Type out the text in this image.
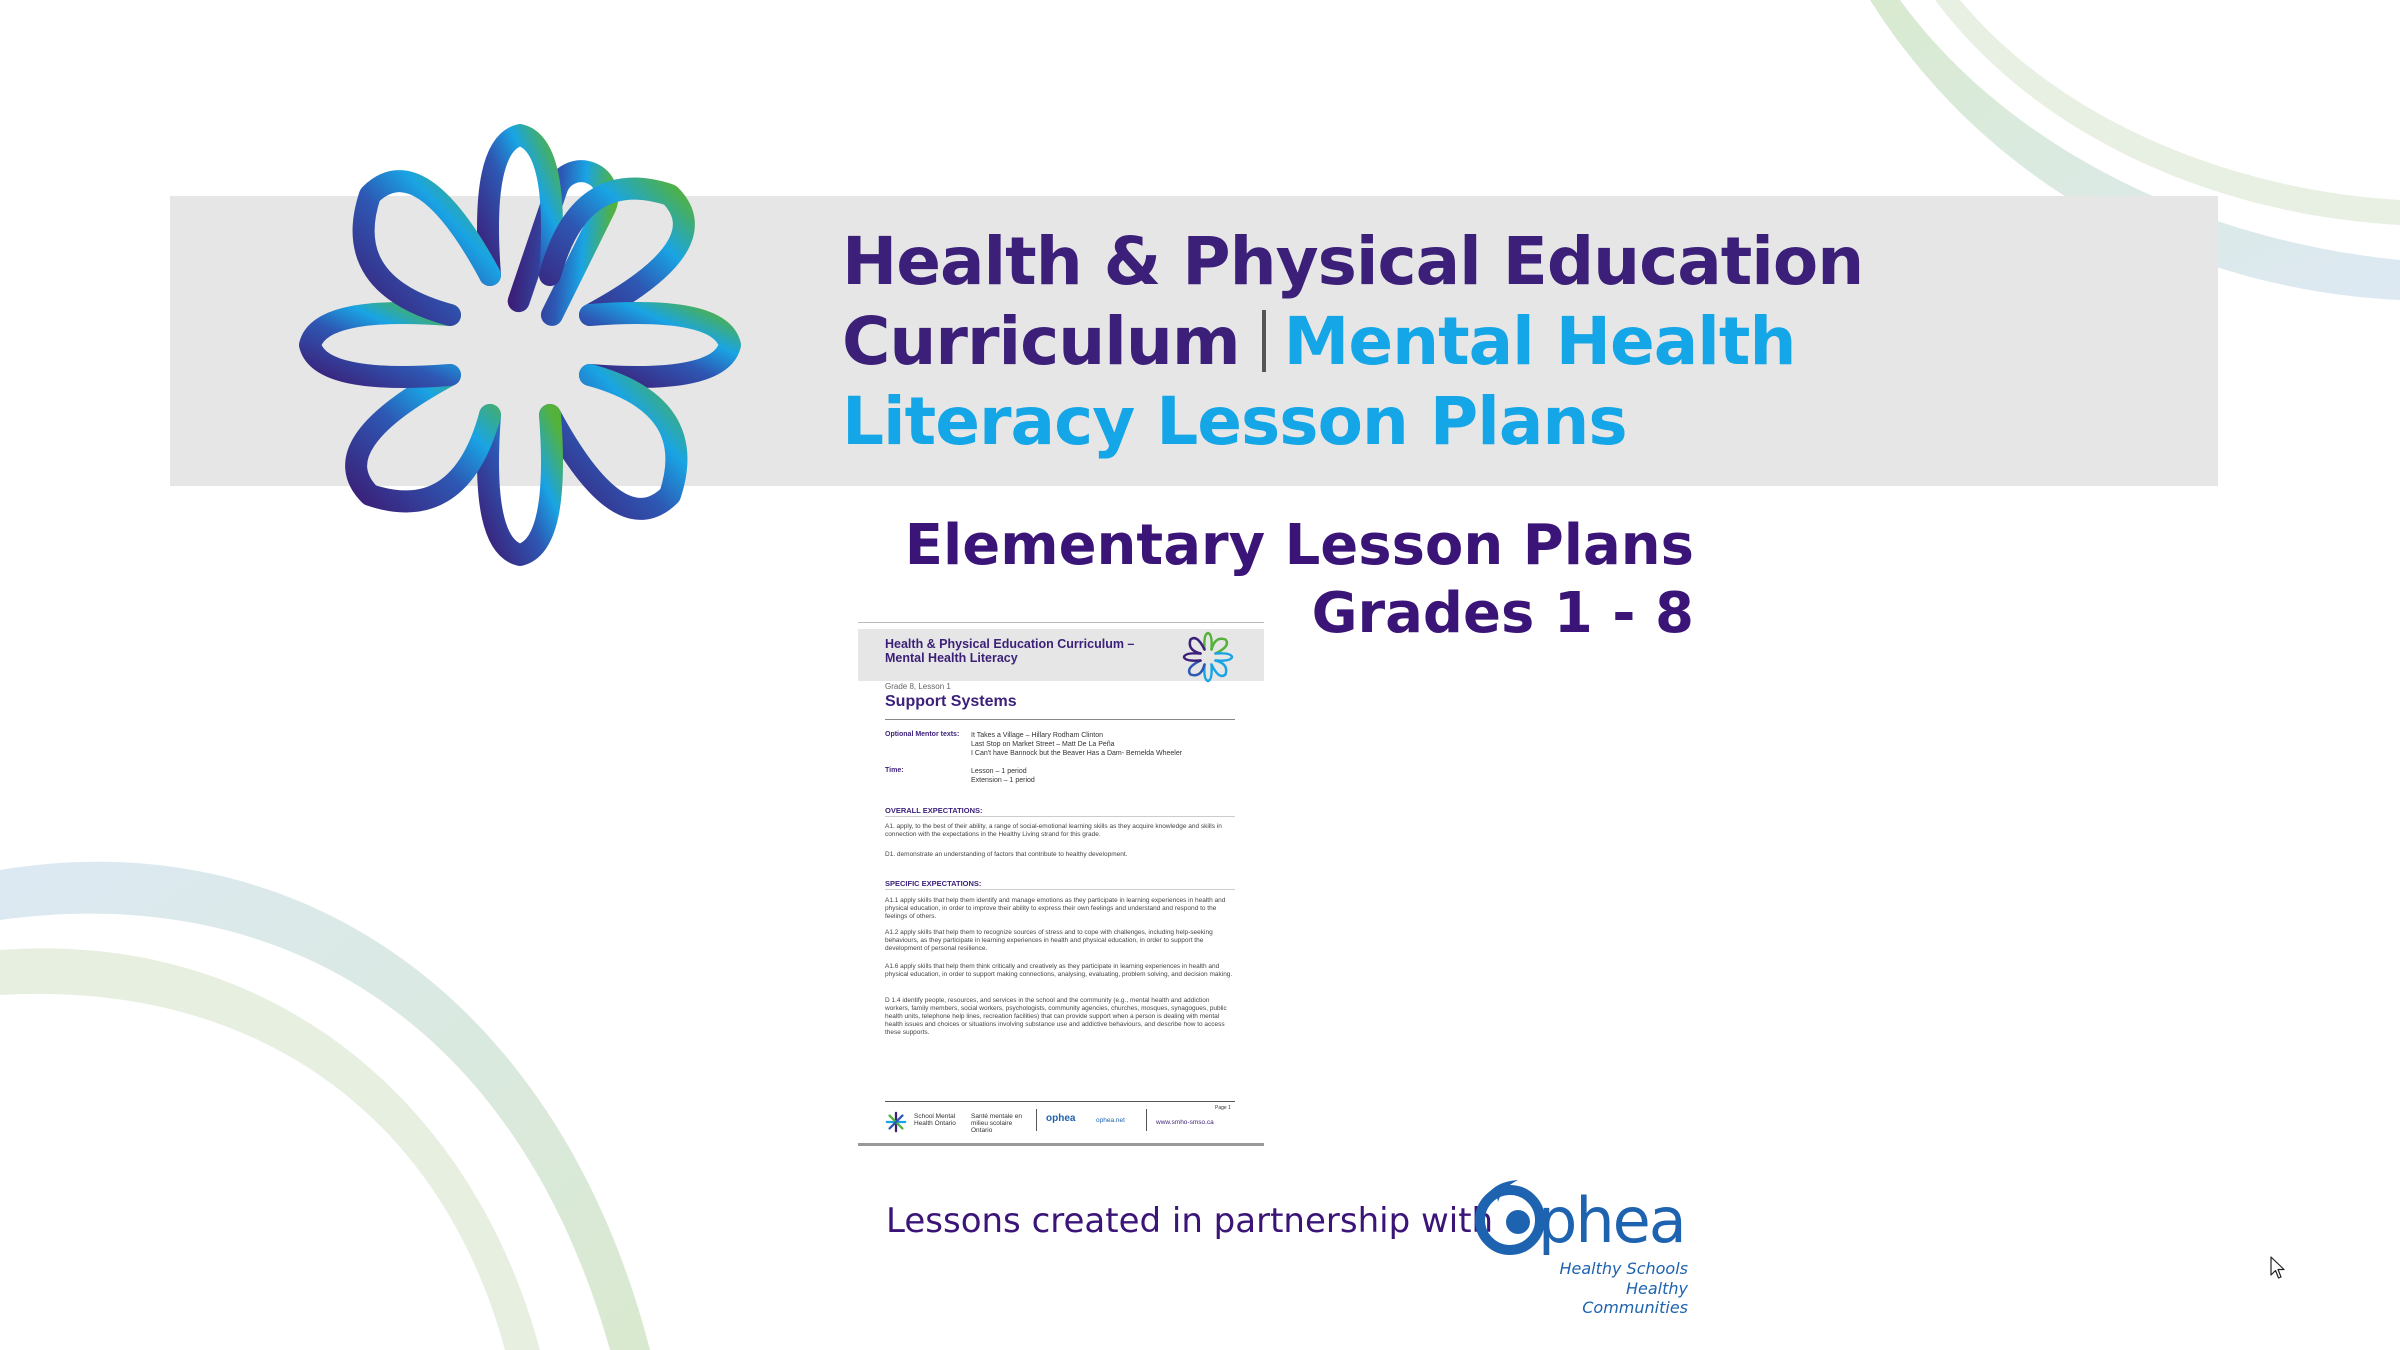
Health & Physical Education
Curriculum Mental Health
Literacy Lesson Plans
Elementary Lesson Plans
Grades 1 - 8
Health & Physical Education Curriculum –
Mental Health Literacy
Grade 8, Lesson 1
Support Systems
Optional Mentor texts: It Takes a Village – Hillary Rodham Clinton
Last Stop on Market Street – Matt De La Peña
I Can't have Bannock but the Beaver Has a Dam- Bernelda Wheeler
Time:	Lesson – 1 period
Extension – 1 period
OVERALL EXPECTATIONS:
A1. apply, to the best of their ability, a range of social-emotional learning skills as they acquire knowledge and skills in connection with the expectations in the Healthy Living strand for this grade.
D1. demonstrate an understanding of factors that contribute to healthy development.
SPECIFIC EXPECTATIONS:
A1.1 apply skills that help them identify and manage emotions as they participate in learning experiences in health and physical education, in order to improve their ability to express their own feelings and understand and respond to the feelings of others.
A1.2 apply skills that help them to recognize sources of stress and to cope with challenges, including help-seeking behaviours, as they participate in learning experiences in health and physical education, in order to support the development of personal resilience.
A1.6 apply skills that help them think critically and creatively as they participate in learning experiences in health and physical education, in order to support making connections, analysing, evaluating, problem solving, and decision making.
D 1.4 identify people, resources, and services in the school and the community (e.g., mental health and addiction workers, family members, social workers, psychologists, community agencies, churches, mosques, synagogues, public health units, telephone help lines, recreation facilities) that can provide support when a person is dealing with mental health issues and choices or situations involving substance use and addictive behaviours, and describe how to access these supports.
School Mental Health Ontario
Santé mentale en milieu scolaire Ontario
ophea	ophea.net
Page 1
www.smho-smso.ca
Lessons created in partnership with phea
Healthy Schools
Healthy Communities
